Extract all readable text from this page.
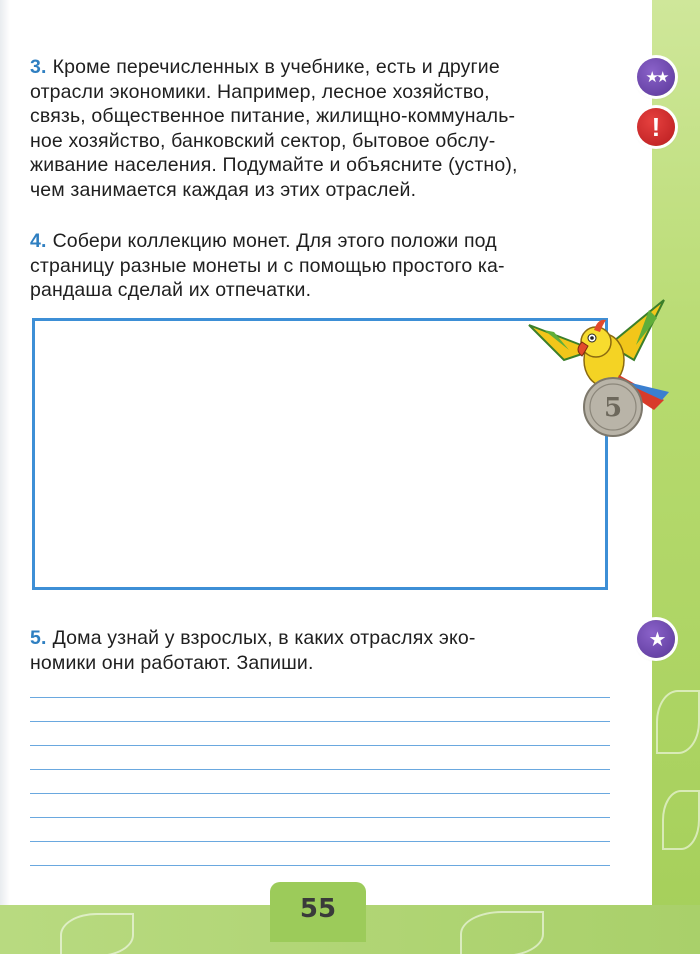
★★
!
★
3. Кроме перечисленных в учебнике, есть и другие
отрасли экономики. Например, лесное хозяйство,
связь, общественное питание, жилищно-коммуналь-
ное хозяйство, банковский сектор, бытовое обслу-
живание населения. Подумайте и объясните (устно),
чем занимается каждая из этих отраслей.
4. Собери коллекцию монет. Для этого положи под
страницу разные монеты и с помощью простого ка-
рандаша сделай их отпечатки.
5
5. Дома узнай у взрослых, в каких отраслях эко-
номики они работают. Запиши.
55
